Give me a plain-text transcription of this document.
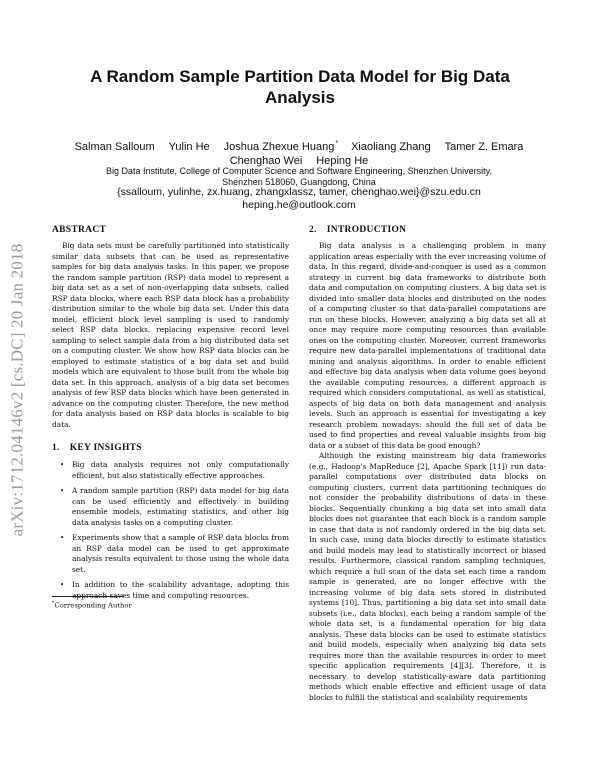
arXiv:1712.04146v2 [cs.DC] 20 Jan 2018
A Random Sample Partition Data Model for Big Data Analysis
Salman Salloum Yulin He Joshua Zhexue Huang* Xiaoliang Zhang Tamer Z. Emara
Chenghao Wei Heping He
Big Data Institute, College of Computer Science and Software Engineering, Shenzhen University,
Shenzhen 518060, Guangdong, China
{ssalloum, yulinhe, zx.huang, zhangxlassz, tamer, chenghao.wei}@szu.edu.cn
heping.he@outlook.com
ABSTRACT

Big data sets must be carefully partitioned into statistically similar data subsets that can be used as representative samples for big data analysis tasks. In this paper, we propose the random sample partition (RSP) data model to represent a big data set as a set of non-overlapping data subsets, called RSP data blocks, where each RSP data block has a probability distribution similar to the whole big data set. Under this data model, efficient block level sampling is used to randomly select RSP data blocks, replacing expensive record level sampling to select sample data from a big distributed data set on a computing cluster. We show how RSP data blocks can be employed to estimate statistics of a big data set and build models which are equivalent to those built from the whole big data set. In this approach, analysis of a big data set becomes analysis of few RSP data blocks which have been generated in advance on the computing cluster. Therefore, the new method for data analysis based on RSP data blocks is scalable to big data.

1. KEY INSIGHTS
• Big data analysis requires not only computationally efficient, but also statistically effective approaches.
• A random sample partition (RSP) data model for big data can be used efficiently and effectively in building ensemble models, estimating statistics, and other big data analysis tasks on a computing cluster.
• Experiments show that a sample of RSP data blocks from an RSP data model can be used to get approximate analysis results equivalent to those using the whole data set.
• In addition to the scalability advantage, adopting this approach saves time and computing resources.
*Corresponding Author
2. INTRODUCTION

Big data analysis is a challenging problem in many application areas especially with the ever increasing volume of data. In this regard, divide-and-conquer is used as a common strategy in current big data frameworks to distribute both data and computation on computing clusters. A big data set is divided into smaller data blocks and distributed on the nodes of a computing cluster so that data-parallel computations are run on these blocks. However, analyzing a big data set all at once may require more computing resources than available ones on the computing cluster. Moreover, current frameworks require new data-parallel implementations of traditional data mining and analysis algorithms. In order to enable efficient and effective big data analysis when data volume goes beyond the available computing resources, a different approach is required which considers computational, as well as statistical, aspects of big data on both data management and analysis levels. Such an approach is essential for investigating a key research problem nowadays: should the full set of data be used to find properties and reveal valuable insights from big data or a subset of this data be good enough?

Although the existing mainstream big data frameworks (e.g., Hadoop's MapReduce [2], Apache Spark [11]) run data-parallel computations over distributed data blocks on computing clusters, current data partitioning techniques do not consider the probability distributions of data in these blocks. Sequentially chunking a big data set into small data blocks does not guarantee that each block is a random sample in case that data is not randomly ordered in the big data set. In such case, using data blocks directly to estimate statistics and build models may lead to statistically incorrect or biased results. Furthermore, classical random sampling techniques, which require a full scan of the data set each time a random sample is generated, are no longer effective with the increasing volume of big data sets stored in distributed systems [10]. Thus, partitioning a big data set into small data subsets (i.e., data blocks), each being a random sample of the whole data set, is a fundamental operation for big data analysis. These data blocks can be used to estimate statistics and build models, especially when analyzing big data sets requires more than the available resources in order to meet specific application requirements [4][3]. Therefore, it is necessary to develop statistically-aware data partitioning methods which enable effective and efficient usage of data blocks to fulfill the statistical and scalability requirements
